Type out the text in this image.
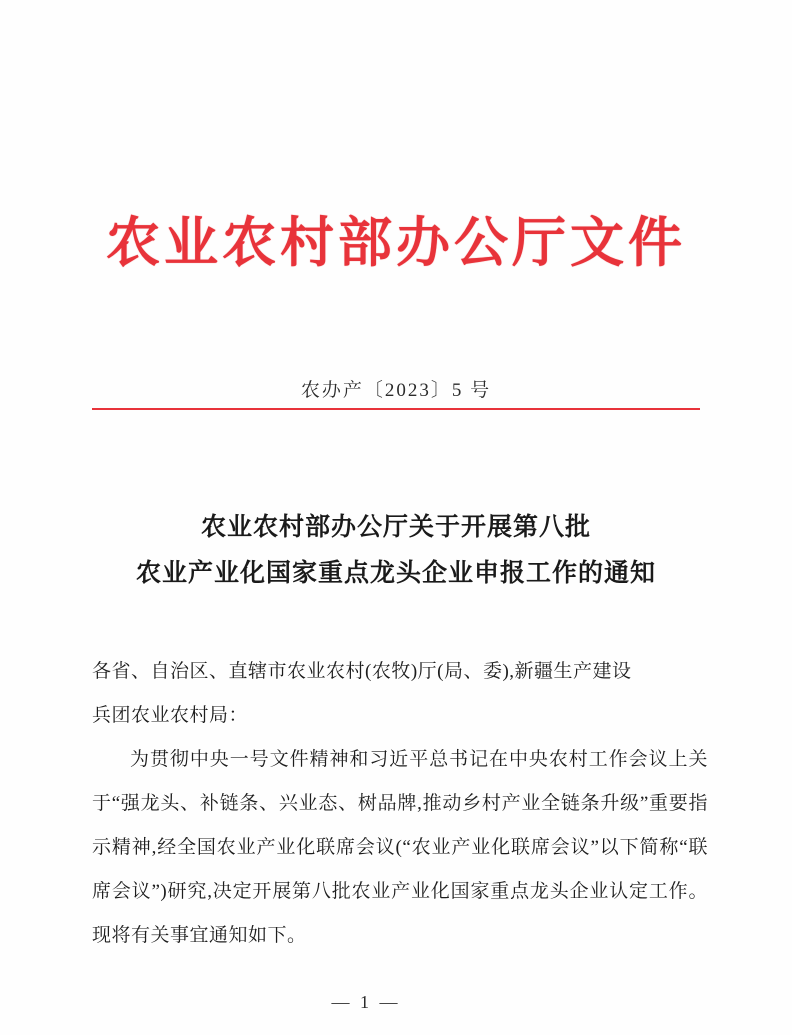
农业农村部办公厅文件
农办产〔2023〕5 号
农业农村部办公厅关于开展第八批
农业产业化国家重点龙头企业申报工作的通知

各省、自治区、直辖市农业农村(农牧)厅(局、委),新疆生产建设

兵团农业农村局：

为贯彻中央一号文件精神和习近平总书记在中央农村工作会议上关于“强龙头、补链条、兴业态、树品牌,推动乡村产业全链条升级”重要指示精神,经全国农业产业化联席会议(“农业产业化联席会议”以下简称“联席会议”)研究,决定开展第八批农业产业化国家重点龙头企业认定工作。现将有关事宜通知如下。

— 1 —
